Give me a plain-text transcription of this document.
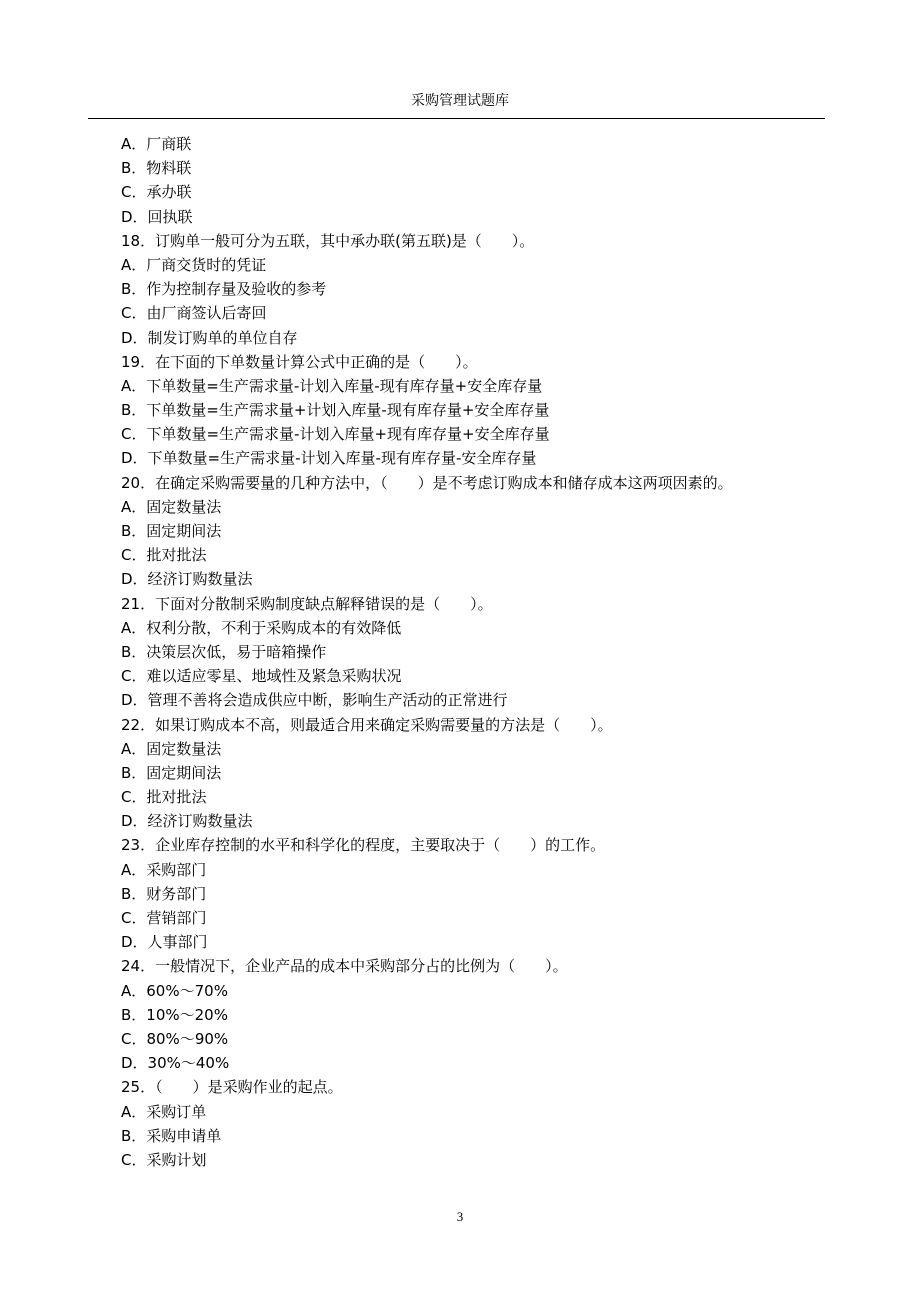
采购管理试题库
A．厂商联
B．物料联
C．承办联
D．回执联
18．订购单一般可分为五联，其中承办联(第五联)是（　　）。
A．厂商交货时的凭证
B．作为控制存量及验收的参考
C．由厂商签认后寄回
D．制发订购单的单位自存
19．在下面的下单数量计算公式中正确的是（　　）。
A．下单数量=生产需求量-计划入库量-现有库存量+安全库存量
B．下单数量=生产需求量+计划入库量-现有库存量+安全库存量
C．下单数量=生产需求量-计划入库量+现有库存量+安全库存量
D．下单数量=生产需求量-计划入库量-现有库存量-安全库存量
20．在确定采购需要量的几种方法中，（　　）是不考虑订购成本和储存成本这两项因素的。
A．固定数量法
B．固定期间法
C．批对批法
D．经济订购数量法
21．下面对分散制采购制度缺点解释错误的是（　　）。
A．权利分散，不利于采购成本的有效降低
B．决策层次低，易于暗箱操作
C．难以适应零星、地域性及紧急采购状况
D．管理不善将会造成供应中断，影响生产活动的正常进行
22．如果订购成本不高，则最适合用来确定采购需要量的方法是（　　）。
A．固定数量法
B．固定期间法
C．批对批法
D．经济订购数量法
23．企业库存控制的水平和科学化的程度，主要取决于（　　）的工作。
A．采购部门
B．财务部门
C．营销部门
D．人事部门
24．一般情况下，企业产品的成本中采购部分占的比例为（　　）。
A．60%～70%
B．10%～20%
C．80%～90%
D．30%～40%
25．（　　）是采购作业的起点。
A．采购订单
B．采购申请单
C．采购计划
3
